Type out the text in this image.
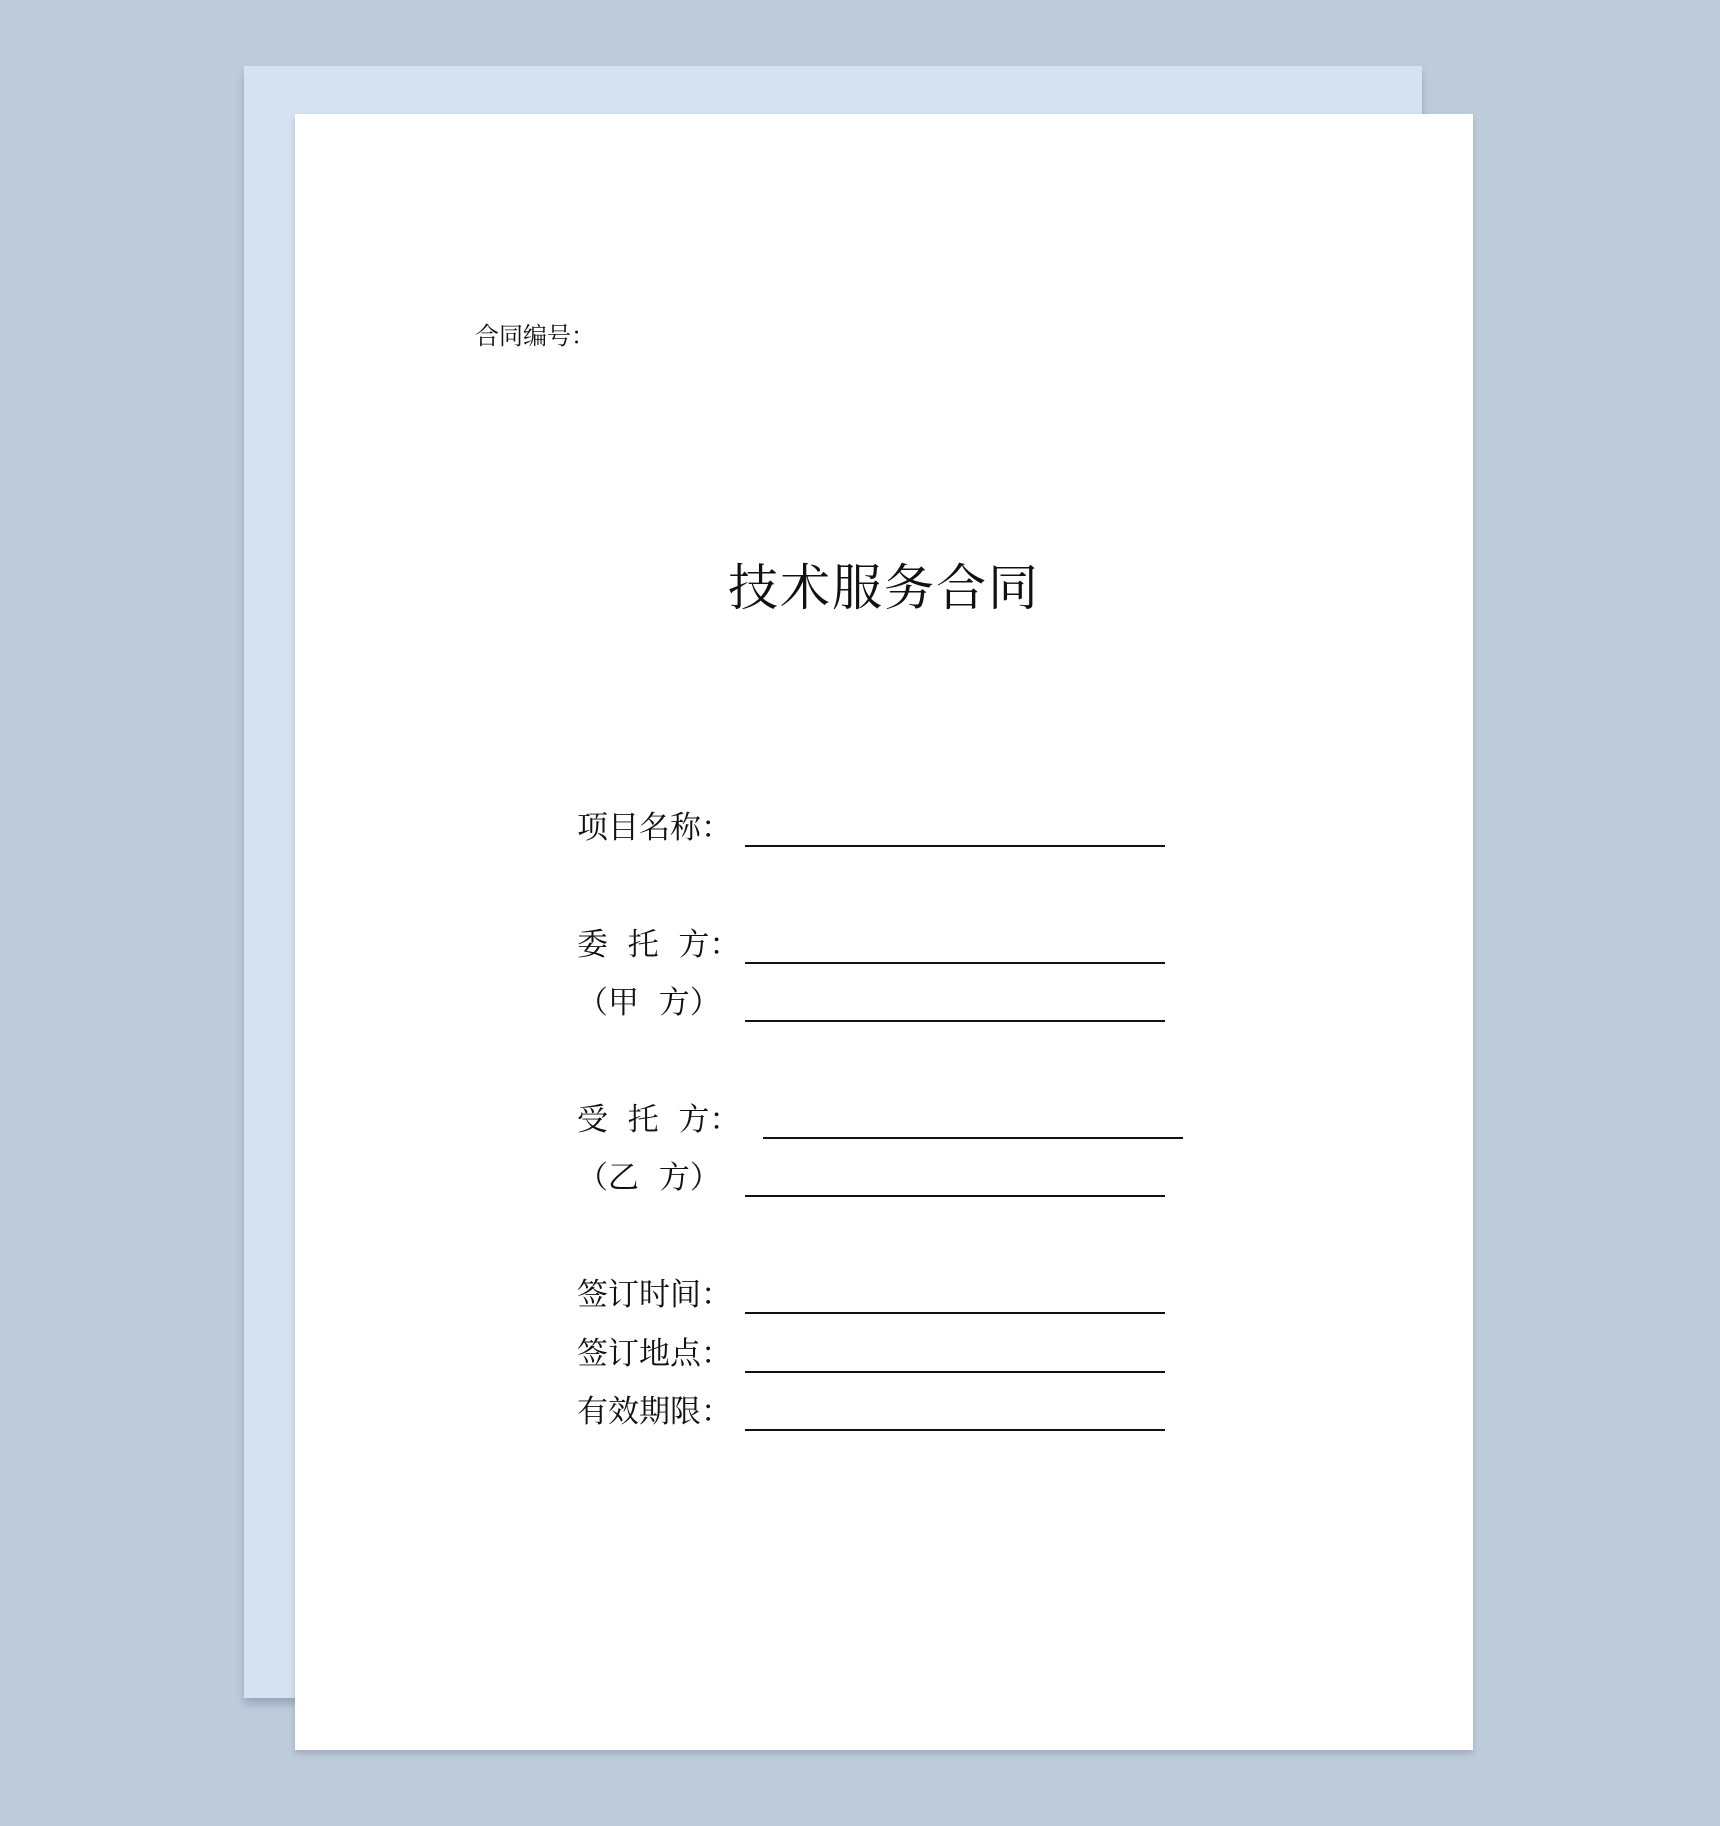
合同编号：
技术服务合同
项目名称：
委  托  方：
（甲  方）
受  托  方：
（乙  方）
签订时间：
签订地点：
有效期限：
